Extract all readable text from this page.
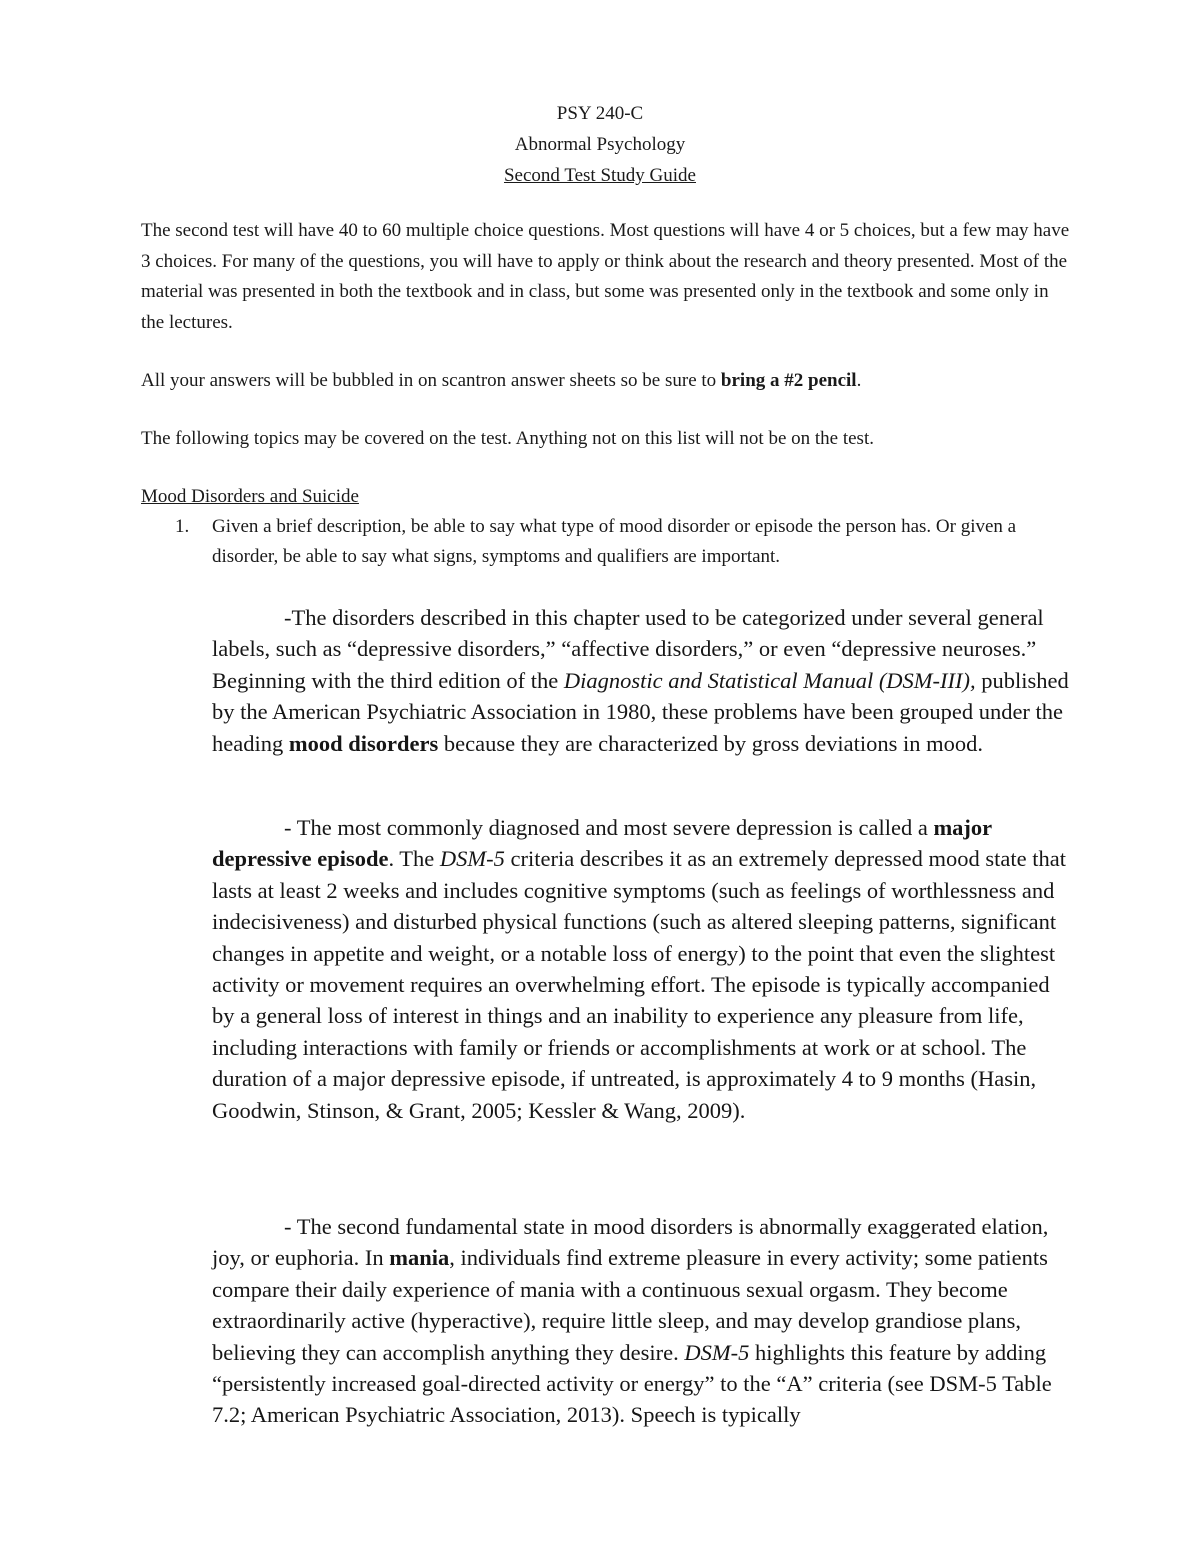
PSY 240-C
Abnormal Psychology
Second Test Study Guide

The second test will have 40 to 60 multiple choice questions. Most questions will have 4 or 5 choices, but a few may have 3 choices. For many of the questions, you will have to apply or think about the research and theory presented. Most of the material was presented in both the textbook and in class, but some was presented only in the textbook and some only in the lectures.

All your answers will be bubbled in on scantron answer sheets so be sure to bring a #2 pencil.

The following topics may be covered on the test. Anything not on this list will not be on the test.

Mood Disorders and Suicide
1.	Given a brief description, be able to say what type of mood disorder or episode the person has. Or given a disorder, be able to say what signs, symptoms and qualifiers are important.

-The disorders described in this chapter used to be categorized under several general labels, such as “depressive disorders,” “affective disorders,” or even “depressive neuroses.” Beginning with the third edition of the Diagnostic and Statistical Manual (DSM-III), published by the American Psychiatric Association in 1980, these problems have been grouped under the heading mood disorders because they are characterized by gross deviations in mood.

- The most commonly diagnosed and most severe depression is called a major depressive episode. The DSM-5 criteria describes it as an extremely depressed mood state that lasts at least 2 weeks and includes cognitive symptoms (such as feelings of worthlessness and indecisiveness) and disturbed physical functions (such as altered sleeping patterns, significant changes in appetite and weight, or a notable loss of energy) to the point that even the slightest activity or movement requires an overwhelming effort. The episode is typically accompanied by a general loss of interest in things and an inability to experience any pleasure from life, including interactions with family or friends or accomplishments at work or at school. The duration of a major depressive episode, if untreated, is approximately 4 to 9 months (Hasin, Goodwin, Stinson, & Grant, 2005; Kessler & Wang, 2009).

- The second fundamental state in mood disorders is abnormally exaggerated elation, joy, or euphoria. In mania, individuals find extreme pleasure in every activity; some patients compare their daily experience of mania with a continuous sexual orgasm. They become extraordinarily active (hyperactive), require little sleep, and may develop grandiose plans, believing they can accomplish anything they desire. DSM-5 highlights this feature by adding “persistently increased goal-directed activity or energy” to the “A” criteria (see DSM-5 Table 7.2; American Psychiatric Association, 2013). Speech is typically
